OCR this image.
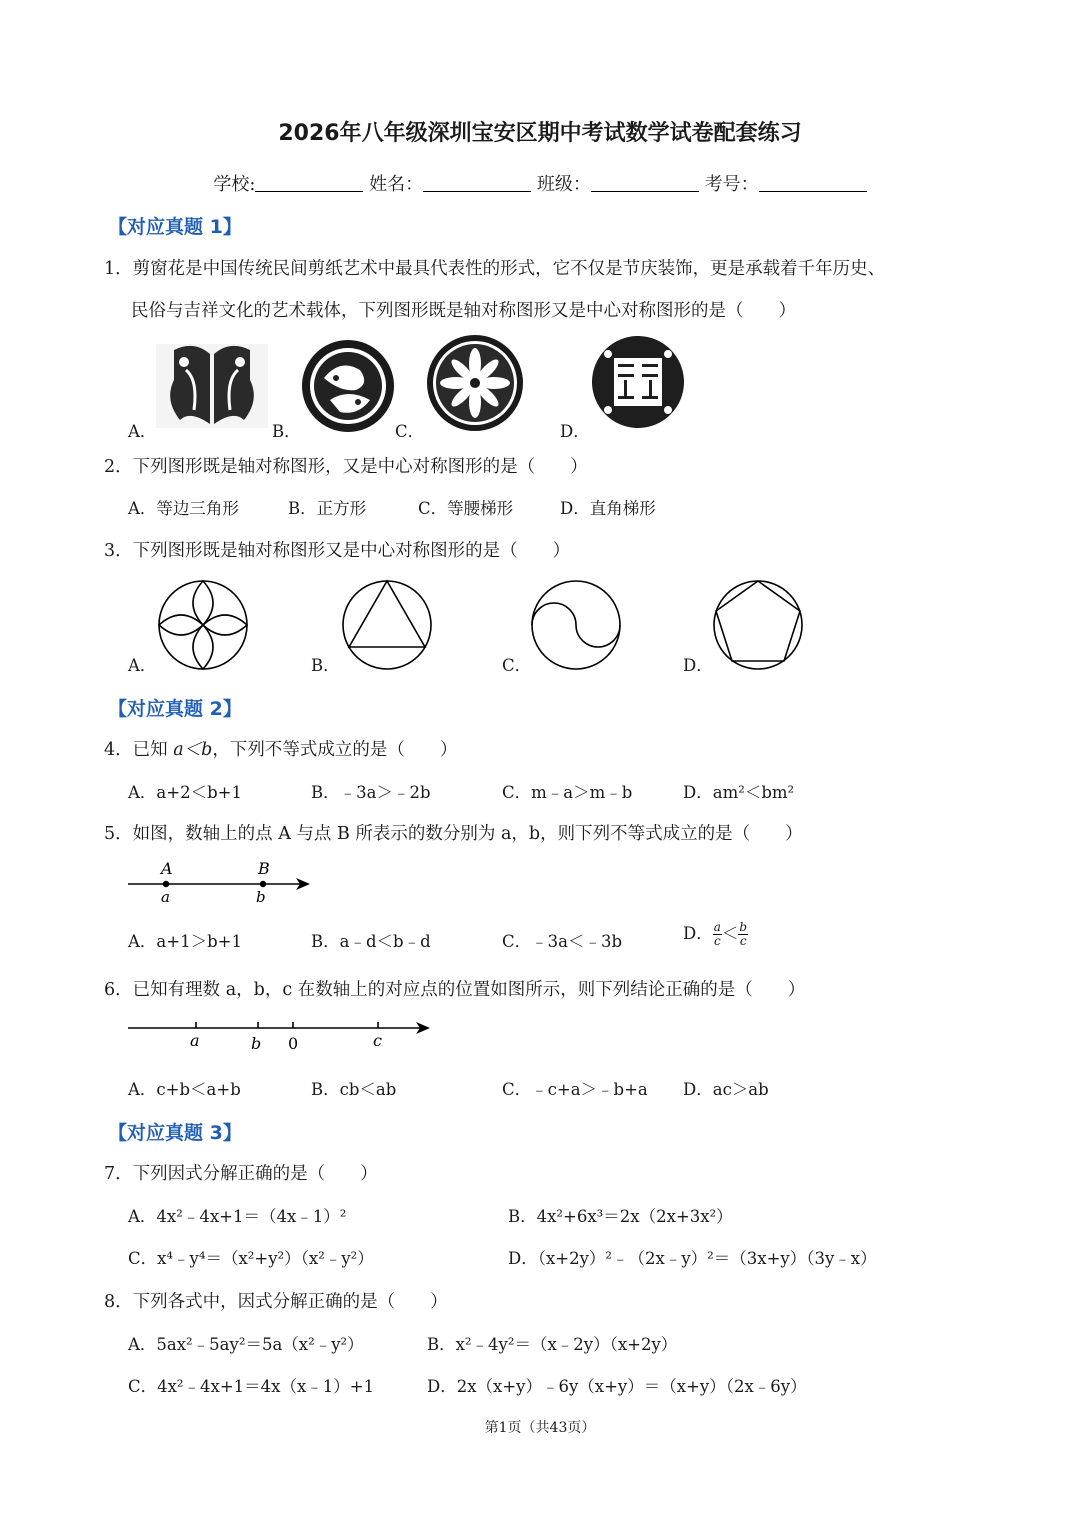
2026年八年级深圳宝安区期中考试数学试卷配套练习
学校:	姓名：	班级：	考号：
【对应真题 1】
1．剪窗花是中国传统民间剪纸艺术中最具代表性的形式，它不仅是节庆装饰，更是承载着千年历史、
民俗与吉祥文化的艺术载体，下列图形既是轴对称图形又是中心对称图形的是（　　）
A．	B．	C．	D．
2．下列图形既是轴对称图形，又是中心对称图形的是（　　）
A．等边三角形	B．正方形	C．等腰梯形	D．直角梯形
3．下列图形既是轴对称图形又是中心对称图形的是（　　）
A．	B．	C．	D．
【对应真题 2】
4．已知 a＜b，下列不等式成立的是（　　）
A．a+2＜b+1	B．﹣3a＞﹣2b	C．m﹣a＞m﹣b	D．am²＜bm²
5．如图，数轴上的点 A 与点 B 所表示的数分别为 a，b，则下列不等式成立的是（　　）
A	B
a	b
A．a+1＞b+1	B．a﹣d＜b﹣d	C．﹣3a＜﹣3b	D． $\frac{a}{c} < \frac{b}{c}$
6．已知有理数 a，b，c 在数轴上的对应点的位置如图所示，则下列结论正确的是（　　）
a	b 0	c
A．c+b＜a+b	B．cb＜ab	C．﹣c+a＞﹣b+a D．ac＞ab
【对应真题 3】
7．下列因式分解正确的是（　　）
A．4x²﹣4x+1＝（4x﹣1）²	B．4x²+6x³＝2x（2x+3x²）
C．x⁴﹣y⁴＝（x²+y²）（x²﹣y²）	D．（x+2y）²﹣（2x﹣y）²＝（3x+y）（3y﹣x）
8．下列各式中，因式分解正确的是（　　）
A．5ax²﹣5ay²＝5a（x²﹣y²）	B．x²﹣4y²＝（x﹣2y）（x+2y）
C．4x²﹣4x+1＝4x（x﹣1）+1	D．2x（x+y）﹣6y（x+y）＝（x+y）（2x﹣6y）
第1页（共43页）
